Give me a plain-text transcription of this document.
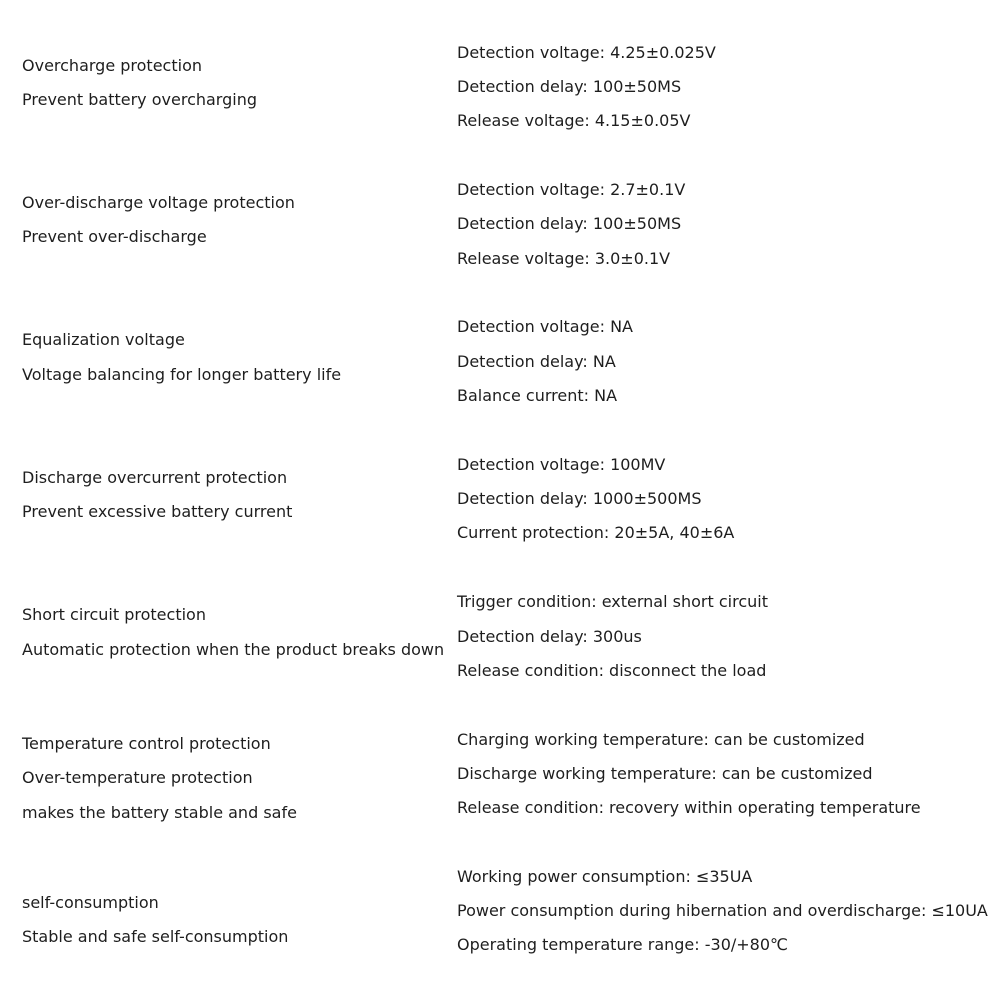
Overcharge protection
Prevent battery overcharging
Detection voltage: 4.25±0.025V
Detection delay: 100±50MS
Release voltage: 4.15±0.05V
Over-discharge voltage protection
Prevent over-discharge
Detection voltage: 2.7±0.1V
Detection delay: 100±50MS
Release voltage: 3.0±0.1V
Equalization voltage
Voltage balancing for longer battery life
Detection voltage: NA
Detection delay: NA
Balance current: NA
Discharge overcurrent protection
Prevent excessive battery current
Detection voltage: 100MV
Detection delay: 1000±500MS
Current protection: 20±5A, 40±6A
Short circuit protection
Automatic protection when the product breaks down
Trigger condition: external short circuit
Detection delay: 300us
Release condition: disconnect the load
Temperature control protection
Over-temperature protection
makes the battery stable and safe
Charging working temperature: can be customized
Discharge working temperature: can be customized
Release condition: recovery within operating temperature
self-consumption
Stable and safe self-consumption
Working power consumption: ≤35UA
Power consumption during hibernation and overdischarge: ≤10UA
Operating temperature range: -30/+80℃
